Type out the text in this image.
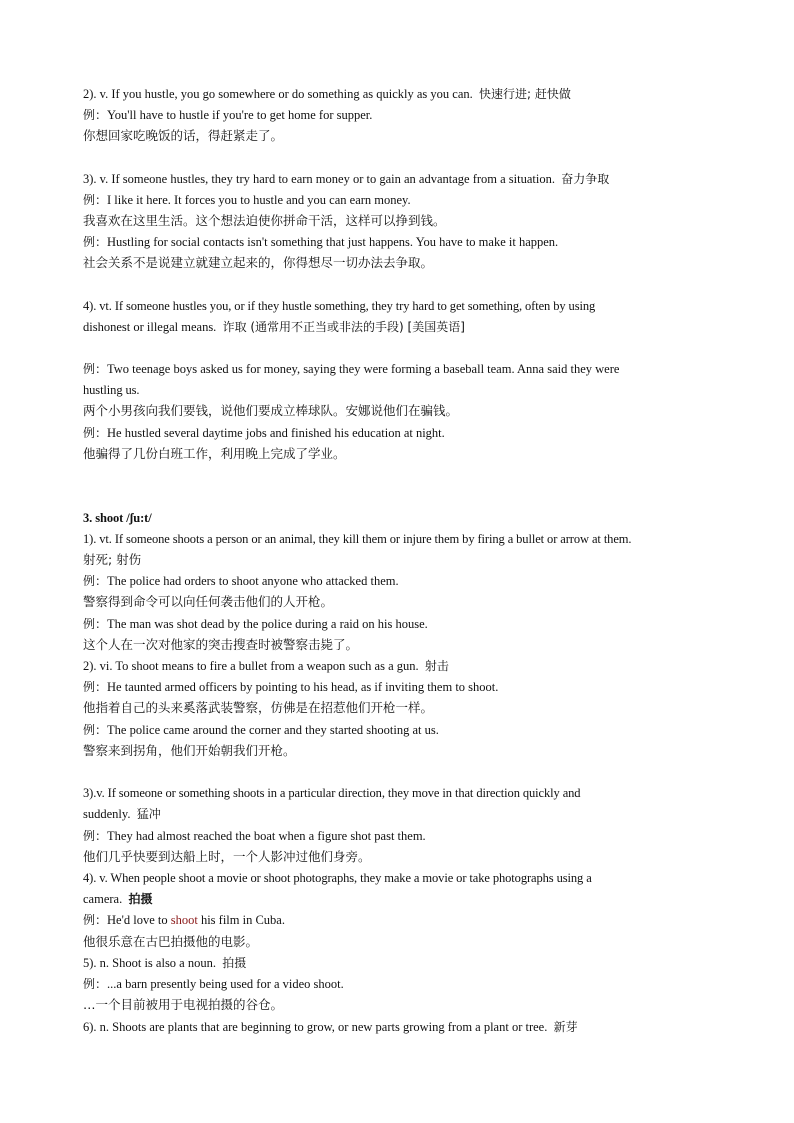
2). v. If you hustle, you go somewhere or do something as quickly as you can. 快速行进; 赶快做
例：You'll have to hustle if you're to get home for supper.
你想回家吃晚饭的话，得赶紧走了。
3). v. If someone hustles, they try hard to earn money or to gain an advantage from a situation. 奋力争取
例：I like it here. It forces you to hustle and you can earn money.
我喜欢在这里生活。这个想法迫使你拼命干活，这样可以挣到钱。
例：Hustling for social contacts isn't something that just happens. You have to make it happen.
社会关系不是说建立就建立起来的，你得想尽一切办法去争取。
4). vt. If someone hustles you, or if they hustle something, they try hard to get something, often by using
dishonest or illegal means. 诈取 (通常用不正当或非法的手段) [美国英语]
例：Two teenage boys asked us for money, saying they were forming a baseball team. Anna said they were
hustling us.
两个小男孩向我们要钱，说他们要成立棒球队。安娜说他们在骗钱。
例：He hustled several daytime jobs and finished his education at night.
他骗得了几份白班工作，利用晚上完成了学业。
3. shoot /ʃu:t/
1). vt. If someone shoots a person or an animal, they kill them or injure them by firing a bullet or arrow at them.
射死; 射伤
例：The police had orders to shoot anyone who attacked them.
警察得到命令可以向任何袭击他们的人开枪。
例：The man was shot dead by the police during a raid on his house.
这个人在一次对他家的突击搜查时被警察击毙了。
2). vi. To shoot means to fire a bullet from a weapon such as a gun. 射击
例：He taunted armed officers by pointing to his head, as if inviting them to shoot.
他指着自己的头来奚落武装警察，仿佛是在招惹他们开枪一样。
例：The police came around the corner and they started shooting at us.
警察来到拐角，他们开始朝我们开枪。
3).v. If someone or something shoots in a particular direction, they move in that direction quickly and
suddenly. 猛冲
例：They had almost reached the boat when a figure shot past them.
他们几乎快要到达船上时，一个人影冲过他们身旁。
4). v. When people shoot a movie or shoot photographs, they make a movie or take photographs using a
camera. 拍摄
例：He'd love to shoot his film in Cuba.
他很乐意在古巴拍摄他的电影。
5). n. Shoot is also a noun. 拍摄
例：...a barn presently being used for a video shoot.
…一个目前被用于电视拍摄的谷仓。
6). n. Shoots are plants that are beginning to grow, or new parts growing from a plant or tree. 新芽
